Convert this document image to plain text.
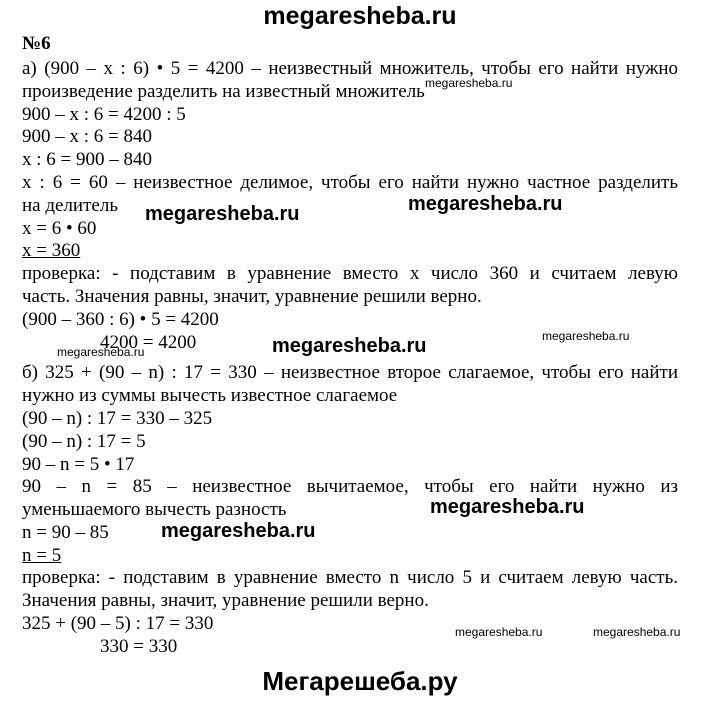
megaresheba.ru
№6
а) (900 – x : 6) • 5 = 4200 – неизвестный множитель, чтобы его найти нужно
произведение разделить на известный множитель
900 – x : 6 = 4200 : 5
900 – x : 6 = 840
x : 6 = 900 – 840
x : 6 = 60 – неизвестное делимое, чтобы его найти нужно частное разделить
на делитель
x = 6 • 60
x = 360
проверка: - подставим в уравнение вместо x число 360 и считаем левую
часть. Значения равны, значит, уравнение решили верно.
(900 – 360 : 6) • 5 = 4200
4200 = 4200
б) 325 + (90 – n) : 17 = 330 – неизвестное второе слагаемое, чтобы его найти
нужно из суммы вычесть известное слагаемое
(90 – n) : 17 = 330 – 325
(90 – n) : 17 = 5
90 – n = 5 • 17
90 – n = 85 – неизвестное вычитаемое, чтобы его найти нужно из
уменьшаемого вычесть разность
n = 90 – 85
n = 5
проверка: - подставим в уравнение вместо n число 5 и считаем левую часть.
Значения равны, значит, уравнение решили верно.
325 + (90 – 5) : 17 = 330
330 = 330
megaresheba.ru
megaresheba.ru	megaresheba.ru
megaresheba.ru
megaresheba.ru	megaresheba.ru
megaresheba.ru
megaresheba.ru
megaresheba.ru	megaresheba.ru
Мегарешеба.ру
